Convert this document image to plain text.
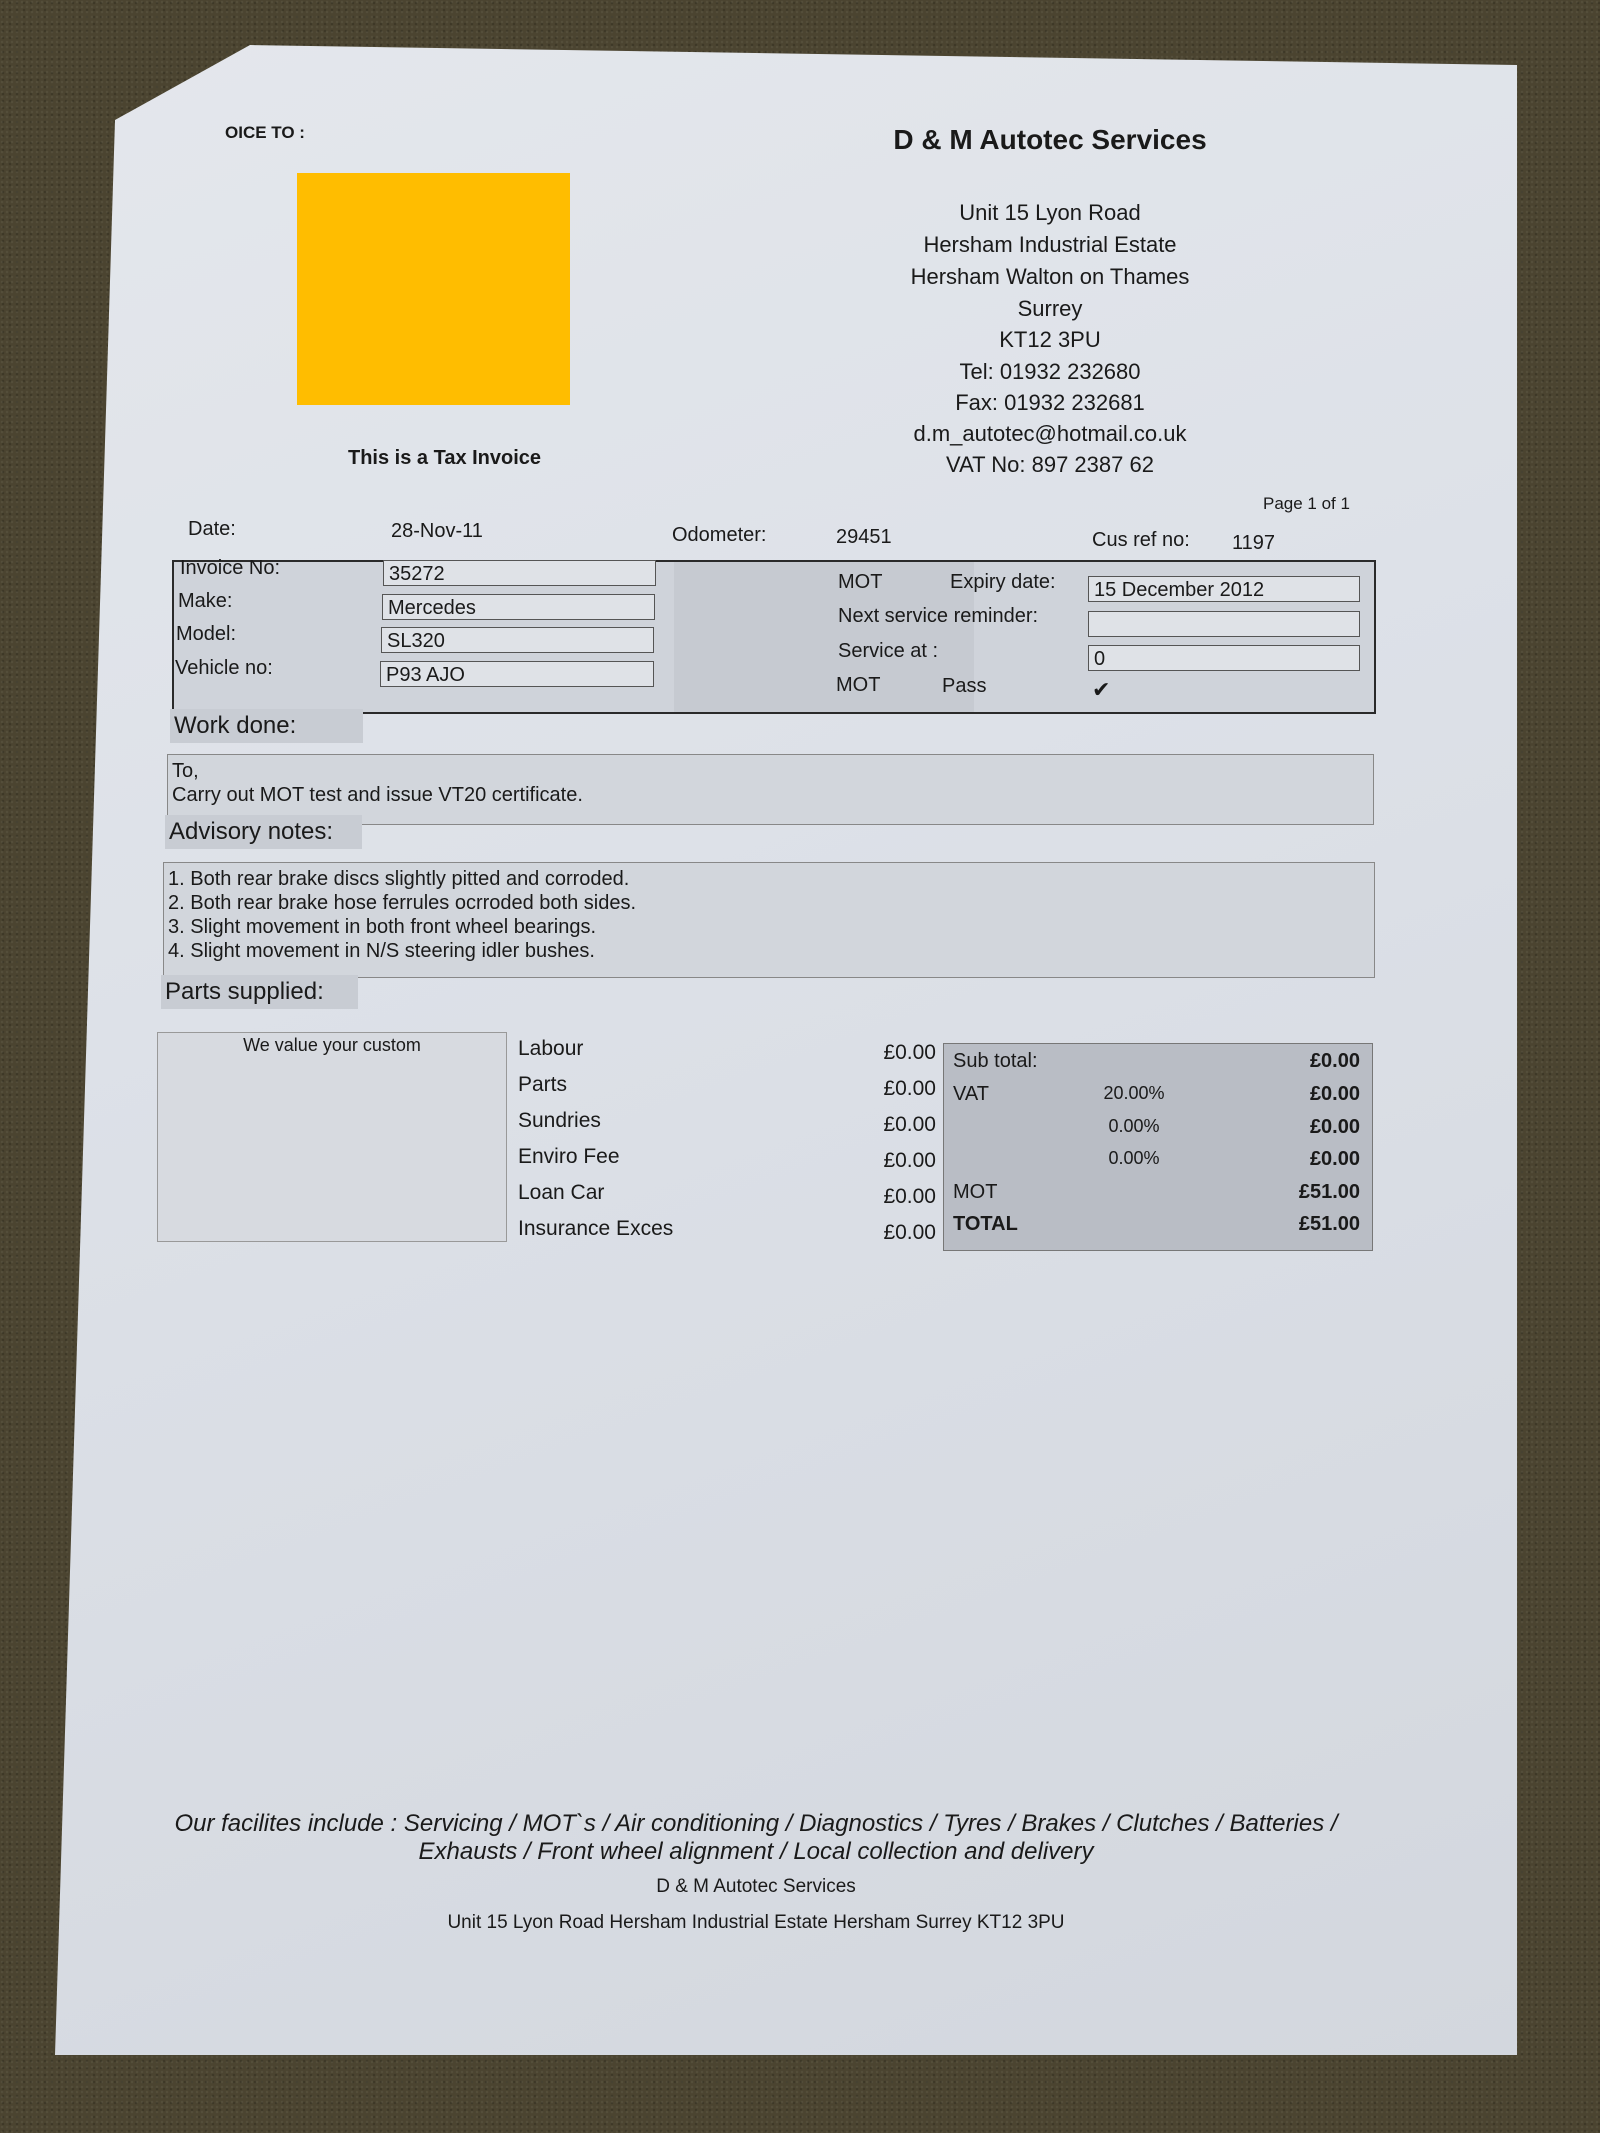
OICE TO :
This is a Tax Invoice
D & M Autotec Services
Unit 15 Lyon Road
Hersham Industrial Estate
Hersham Walton on Thames
Surrey
KT12 3PU
Tel: 01932 232680
Fax: 01932 232681
d.m_autotec@hotmail.co.uk
VAT No: 897 2387 62
Page 1 of 1
Date:	28-Nov-11	Odometer:	29451	Cus ref no: 1197
Invoice No:	35272
Make:	Mercedes
Model:	SL320
Vehicle no:	P93 AJO
MOT	Expiry date:	15 December 2012
Next service reminder:
Service at :	0
MOT	Pass	✔
Work done:
To,
Carry out MOT test and issue VT20 certificate.
Advisory notes:
1. Both rear brake discs slightly pitted and corroded.
2. Both rear brake hose ferrules ocrroded both sides.
3. Slight movement in both front wheel bearings.
4. Slight movement in N/S steering idler bushes.
Parts supplied:
We value your custom	Labour	£0.00
Parts	£0.00
Sundries	£0.00
Enviro Fee	£0.00
Loan Car	£0.00
Insurance Exces	£0.00
Sub total:	£0.00
VAT	20.00%	£0.00
0.00%	£0.00
0.00%	£0.00
MOT	£51.00
TOTAL	£51.00
Our facilites include : Servicing / MOT`s / Air conditioning / Diagnostics / Tyres / Brakes / Clutches / Batteries /
Exhausts / Front wheel alignment / Local collection and delivery
D & M Autotec Services
Unit 15 Lyon Road Hersham Industrial Estate Hersham Surrey KT12 3PU
